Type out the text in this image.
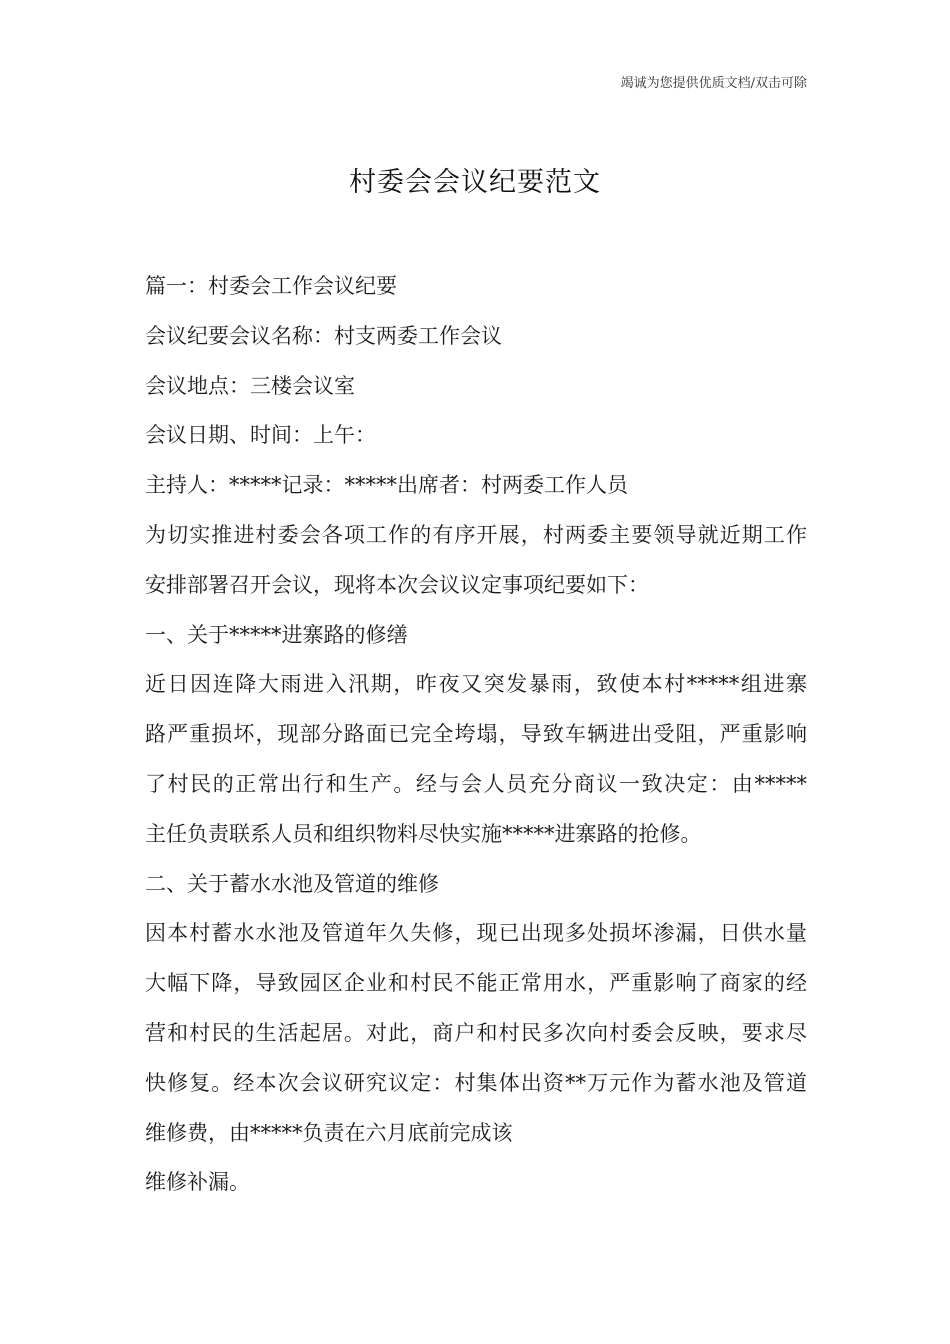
竭诚为您提供优质文档/双击可除
村委会会议纪要范文
篇一：村委会工作会议纪要
会议纪要会议名称：村支两委工作会议
会议地点：三楼会议室
会议日期、时间：上午：
主持人：*****记录：*****出席者：村两委工作人员
为切实推进村委会各项工作的有序开展，村两委主要领导就近期工作
安排部署召开会议，现将本次会议议定事项纪要如下：
一、关于*****进寨路的修缮
近日因连降大雨进入汛期，昨夜又突发暴雨，致使本村*****组进寨
路严重损坏，现部分路面已完全垮塌，导致车辆进出受阻，严重影响
了村民的正常出行和生产。经与会人员充分商议一致决定：由*****
主任负责联系人员和组织物料尽快实施*****进寨路的抢修。
二、关于蓄水水池及管道的维修
因本村蓄水水池及管道年久失修，现已出现多处损坏渗漏，日供水量
大幅下降，导致园区企业和村民不能正常用水，严重影响了商家的经
营和村民的生活起居。对此，商户和村民多次向村委会反映，要求尽
快修复。经本次会议研究议定：村集体出资**万元作为蓄水池及管道
维修费，由*****负责在六月底前完成该
维修补漏。
